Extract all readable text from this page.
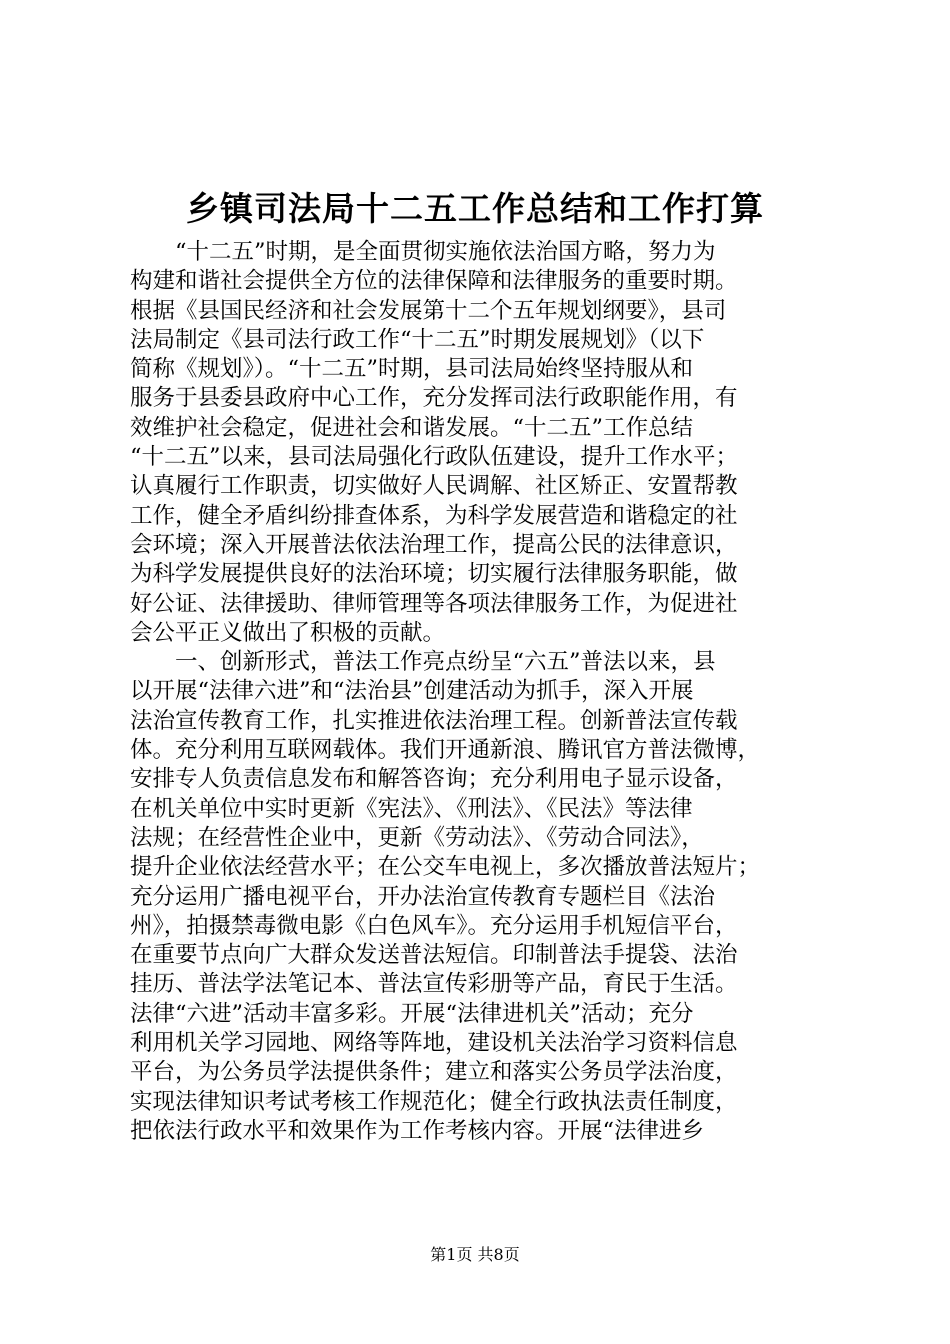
乡镇司法局十二五工作总结和工作打算
　　“十二五”时期，是全面贯彻实施依法治国方略，努力为
构建和谐社会提供全方位的法律保障和法律服务的重要时期。
根据《县国民经济和社会发展第十二个五年规划纲要》，县司
法局制定《县司法行政工作“十二五”时期发展规划》（以下
简称《规划》）。“十二五”时期，县司法局始终坚持服从和
服务于县委县政府中心工作，充分发挥司法行政职能作用，有
效维护社会稳定，促进社会和谐发展。“十二五”工作总结
“十二五”以来，县司法局强化行政队伍建设，提升工作水平；
认真履行工作职责，切实做好人民调解、社区矫正、安置帮教
工作，健全矛盾纠纷排查体系，为科学发展营造和谐稳定的社
会环境；深入开展普法依法治理工作，提高公民的法律意识，
为科学发展提供良好的法治环境；切实履行法律服务职能，做
好公证、法律援助、律师管理等各项法律服务工作，为促进社
会公平正义做出了积极的贡献。
　　一、创新形式，普法工作亮点纷呈“六五”普法以来，县
以开展“法律六进”和“法治县”创建活动为抓手，深入开展
法治宣传教育工作，扎实推进依法治理工程。创新普法宣传载
体。充分利用互联网载体。我们开通新浪、腾讯官方普法微博，
安排专人负责信息发布和解答咨询；充分利用电子显示设备，
在机关单位中实时更新《宪法》、《刑法》、《民法》等法律
法规；在经营性企业中，更新《劳动法》、《劳动合同法》，
提升企业依法经营水平；在公交车电视上，多次播放普法短片；
充分运用广播电视平台，开办法治宣传教育专题栏目《法治
州》，拍摄禁毒微电影《白色风车》。充分运用手机短信平台，
在重要节点向广大群众发送普法短信。印制普法手提袋、法治
挂历、普法学法笔记本、普法宣传彩册等产品，育民于生活。
法律“六进”活动丰富多彩。开展“法律进机关”活动；充分
利用机关学习园地、网络等阵地，建设机关法治学习资料信息
平台，为公务员学法提供条件；建立和落实公务员学法治度，
实现法律知识考试考核工作规范化；健全行政执法责任制度，
把依法行政水平和效果作为工作考核内容。开展“法律进乡
第1页 共8页
